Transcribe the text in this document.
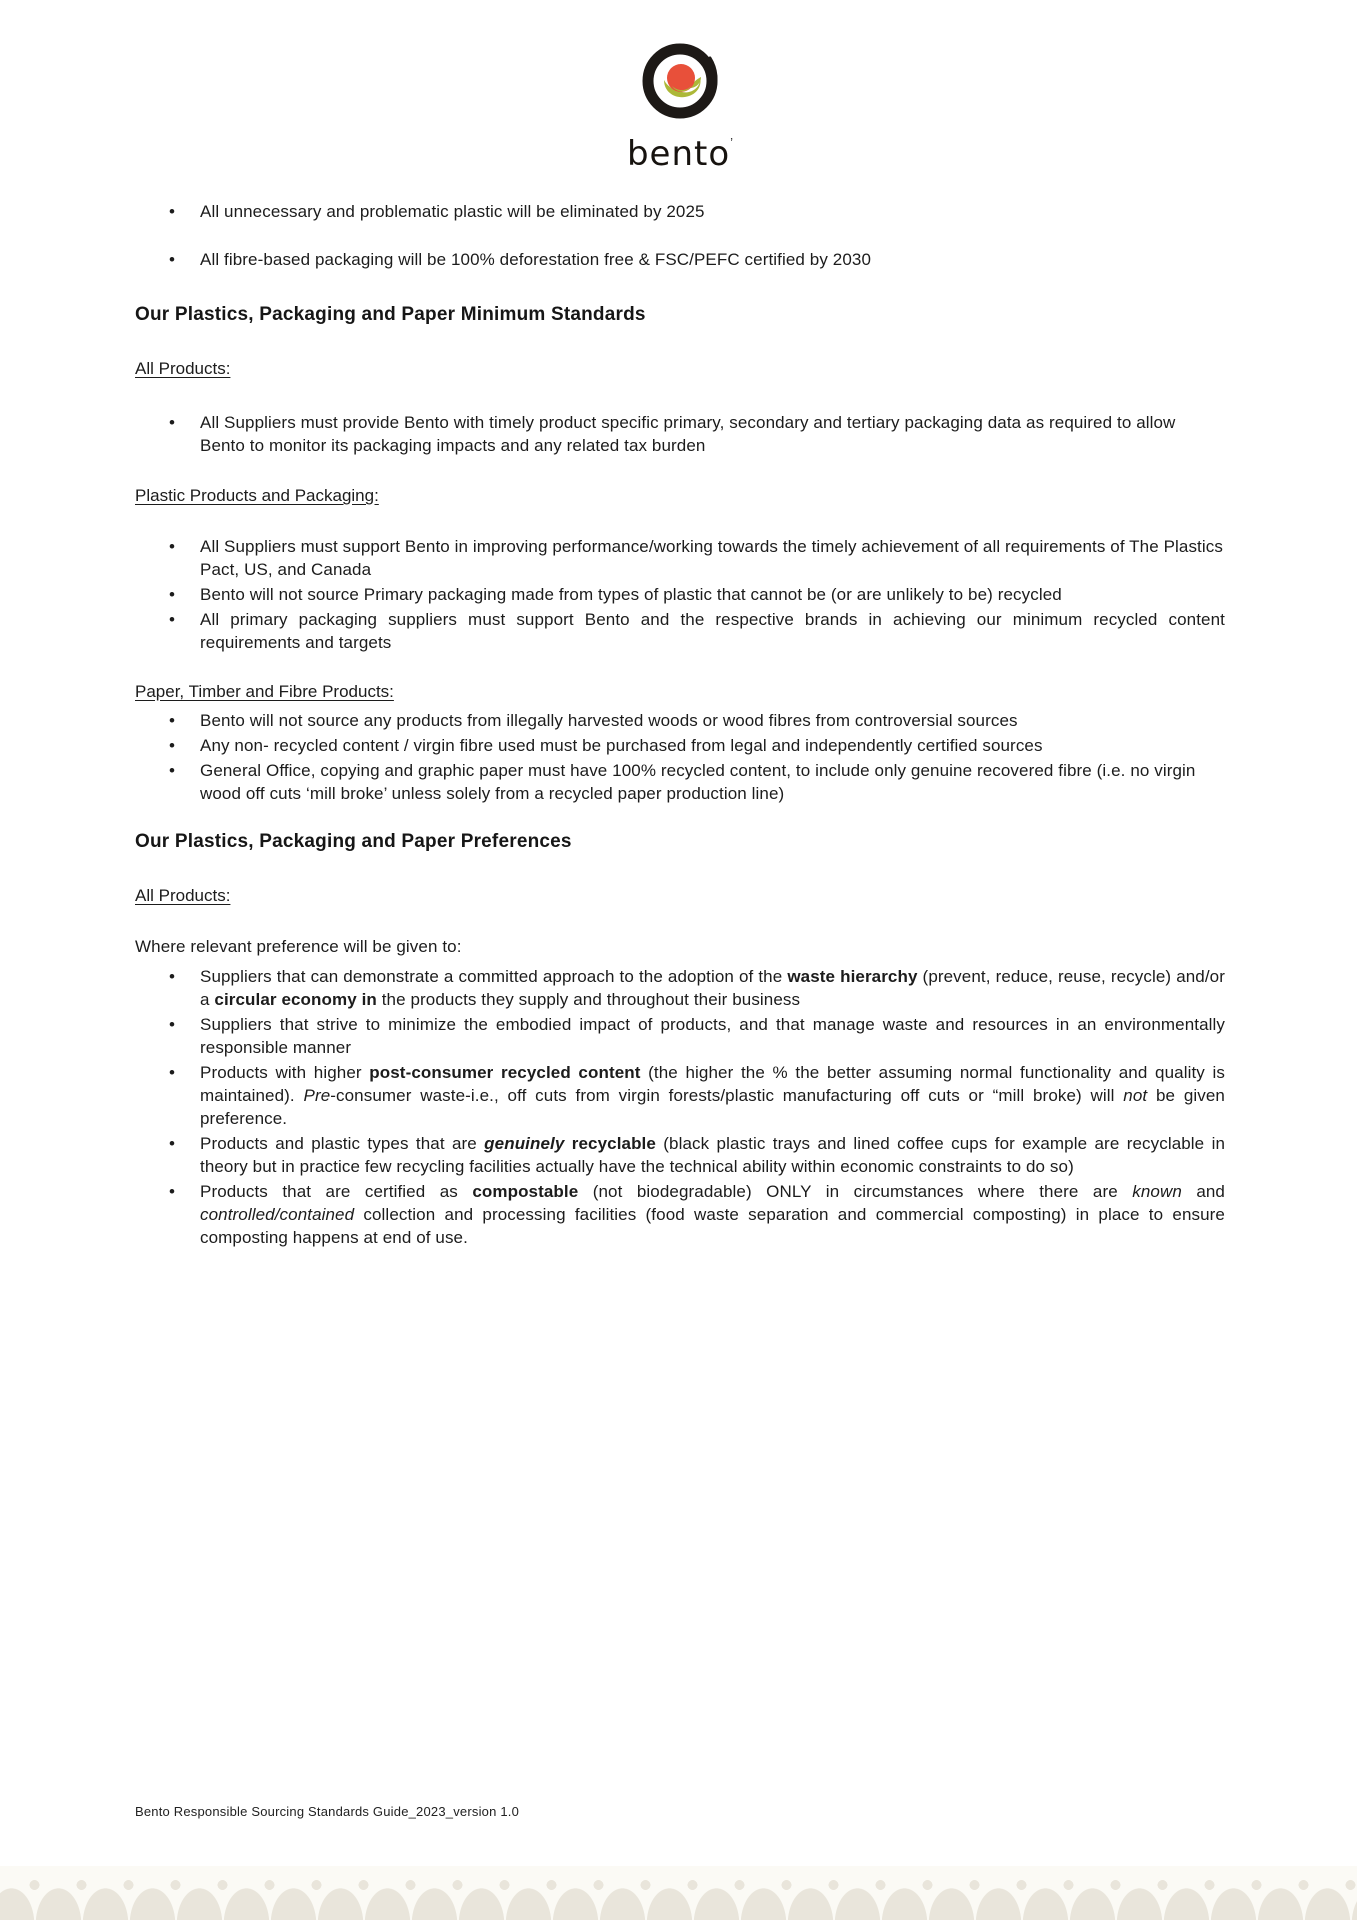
bento’
• All unnecessary and problematic plastic will be eliminated by 2025
• All fibre-based packaging will be 100% deforestation free & FSC/PEFC certified by 2030
Our Plastics, Packaging and Paper Minimum Standards
All Products:
• All Suppliers must provide Bento with timely product specific primary, secondary and tertiary packaging data as required to allow Bento to monitor its packaging impacts and any related tax burden
Plastic Products and Packaging:
• All Suppliers must support Bento in improving performance/working towards the timely achievement of all requirements of The Plastics Pact, US, and Canada
• Bento will not source Primary packaging made from types of plastic that cannot be (or are unlikely to be) recycled
• All primary packaging suppliers must support Bento and the respective brands in achieving our minimum recycled content requirements and targets
Paper, Timber and Fibre Products:
• Bento will not source any products from illegally harvested woods or wood fibres from controversial sources
• Any non- recycled content / virgin fibre used must be purchased from legal and independently certified sources
• General Office, copying and graphic paper must have 100% recycled content, to include only genuine recovered fibre (i.e. no virgin wood off cuts ‘mill broke’ unless solely from a recycled paper production line)
Our Plastics, Packaging and Paper Preferences
All Products:

Where relevant preference will be given to:

• Suppliers that can demonstrate a committed approach to the adoption of the waste hierarchy (prevent, reduce, reuse, recycle) and/or a circular economy in the products they supply and throughout their business
• Suppliers that strive to minimize the embodied impact of products, and that manage waste and resources in an environmentally responsible manner
• Products with higher post-consumer recycled content (the higher the % the better assuming normal functionality and quality is maintained). Pre-consumer waste-i.e., off cuts from virgin forests/plastic manufacturing off cuts or “mill broke) will not be given preference.
• Products and plastic types that are genuinely recyclable (black plastic trays and lined coffee cups for example are recyclable in theory but in practice few recycling facilities actually have the technical ability within economic constraints to do so)
• Products that are certified as compostable (not biodegradable) ONLY in circumstances where there are known and controlled/contained collection and processing facilities (food waste separation and commercial composting) in place to ensure composting happens at end of use.
Bento Responsible Sourcing Standards Guide_2023_version 1.0
